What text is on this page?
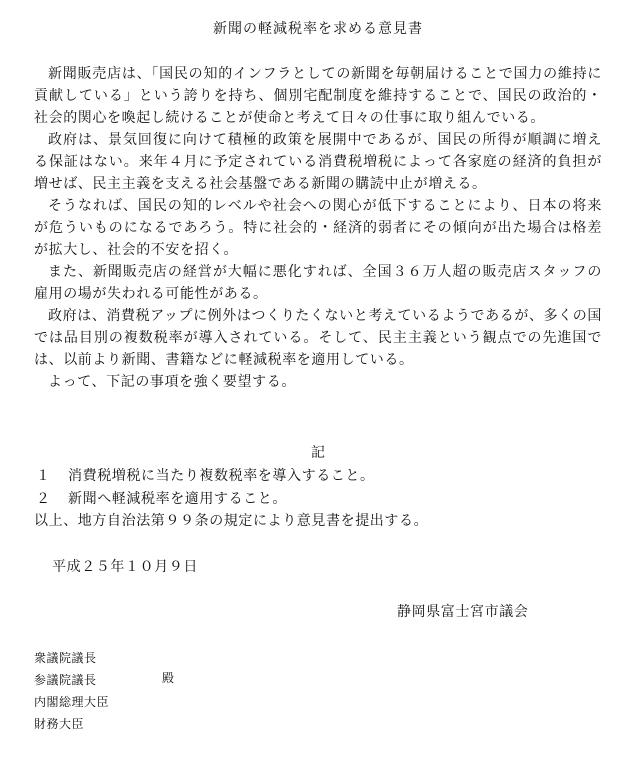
新聞の軽減税率を求める意見書

新聞販売店は、「国民の知的インフラとしての新聞を毎朝届けることで国力の維持に貢献している」という誇りを持ち、個別宅配制度を維持することで、国民の政治的・社会的関心を喚起し続けることが使命と考えて日々の仕事に取り組んでいる。

政府は、景気回復に向けて積極的政策を展開中であるが、国民の所得が順調に増える保証はない。来年４月に予定されている消費税増税によって各家庭の経済的負担が増せば、民主主義を支える社会基盤である新聞の購読中止が増える。

そうなれば、国民の知的レベルや社会への関心が低下することにより、日本の将来が危ういものになるであろう。特に社会的・経済的弱者にその傾向が出た場合は格差が拡大し、社会的不安を招く。

また、新聞販売店の経営が大幅に悪化すれば、全国３６万人超の販売店スタッフの雇用の場が失われる可能性がある。

政府は、消費税アップに例外はつくりたくないと考えているようであるが、多くの国では品目別の複数税率が導入されている。そして、民主主義という観点での先進国では、以前より新聞、書籍などに軽減税率を適用している。

よって、下記の事項を強く要望する。

記
１ 消費税増税に当たり複数税率を導入すること。
２ 新聞へ軽減税率を適用すること。
以上、地方自治法第９９条の規定により意見書を提出する。
平成２５年１０月９日
静岡県富士宮市議会
衆議院議長
参議院議長
内閣総理大臣
財務大臣
殿
